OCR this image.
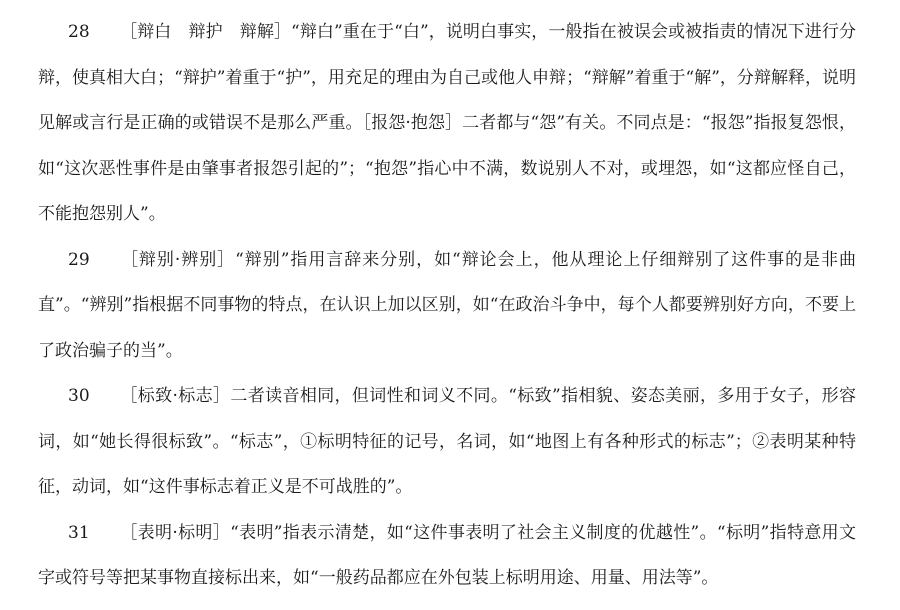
28 ［辩白　辩护　辩解］“辩白”重在于“白”，说明白事实，一般指在被误会或被指责的情况下进行分辩，使真相大白；“辩护”着重于“护”，用充足的理由为自己或他人申辩；“辩解”着重于“解”，分辩解释，说明见解或言行是正确的或错误不是那么严重。［报怨·抱怨］二者都与“怨”有关。不同点是：“报怨”指报复怨恨，如“这次恶性事件是由肇事者报怨引起的”；“抱怨”指心中不满，数说别人不对，或埋怨，如“这都应怪自己，不能抱怨别人”。

29 ［辩别·辨别］“辩别”指用言辞来分别，如“辩论会上，他从理论上仔细辩别了这件事的是非曲直”。“辨别”指根据不同事物的特点，在认识上加以区别，如“在政治斗争中，每个人都要辨别好方向，不要上了政治骗子的当”。

30 ［标致·标志］二者读音相同，但词性和词义不同。“标致”指相貌、姿态美丽，多用于女子，形容词，如“她长得很标致”。“标志”，①标明特征的记号，名词，如“地图上有各种形式的标志”；②表明某种特征，动词，如“这件事标志着正义是不可战胜的”。

31 ［表明·标明］“表明”指表示清楚，如“这件事表明了社会主义制度的优越性”。“标明”指特意用文字或符号等把某事物直接标出来，如“一般药品都应在外包装上标明用途、用量、用法等”。
